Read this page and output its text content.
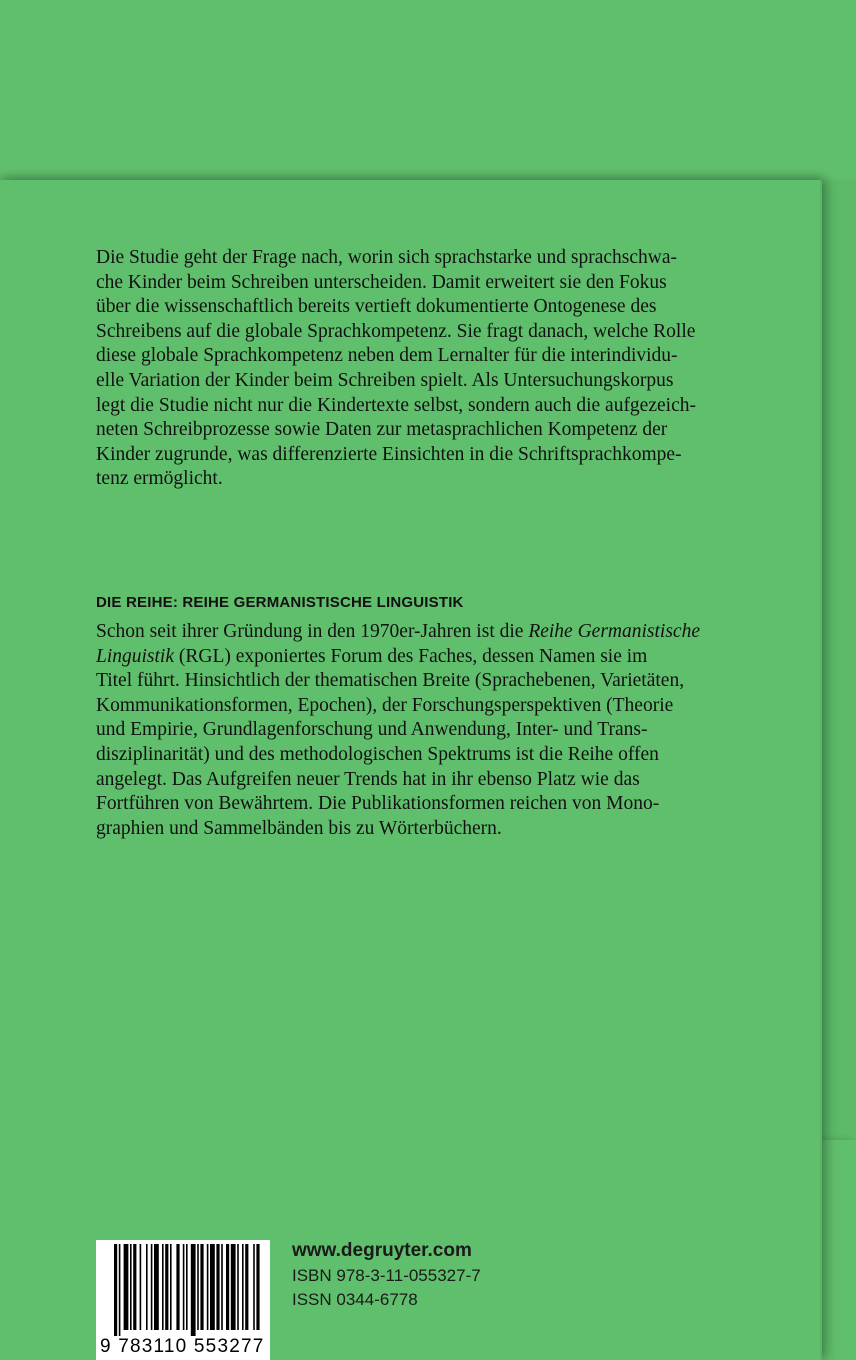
Die Studie geht der Frage nach, worin sich sprachstarke und sprachschwa-
che Kinder beim Schreiben unterscheiden. Damit erweitert sie den Fokus
über die wissenschaftlich bereits vertieft dokumentierte Ontogenese des
Schreibens auf die globale Sprachkompetenz. Sie fragt danach, welche Rolle
diese globale Sprachkompetenz neben dem Lernalter für die interindividu-
elle Variation der Kinder beim Schreiben spielt. Als Untersuchungskorpus
legt die Studie nicht nur die Kindertexte selbst, sondern auch die aufgezeich-
neten Schreibprozesse sowie Daten zur metasprachlichen Kompetenz der
Kinder zugrunde, was differenzierte Einsichten in die Schriftsprachkompe-
tenz ermöglicht.
DIE REIHE: REIHE GERMANISTISCHE LINGUISTIK
Schon seit ihrer Gründung in den 1970er-Jahren ist die Reihe Germanistische
Linguistik (RGL) exponiertes Forum des Faches, dessen Namen sie im
Titel führt. Hinsichtlich der thematischen Breite (Sprachebenen, Varietäten,
Kommunikationsformen, Epochen), der Forschungsperspektiven (Theorie
und Empirie, Grundlagenforschung und Anwendung, Inter- und Trans-
disziplinarität) und des methodologischen Spektrums ist die Reihe offen
angelegt. Das Aufgreifen neuer Trends hat in ihr ebenso Platz wie das
Fortführen von Bewährtem. Die Publikationsformen reichen von Mono-
graphien und Sammelbänden bis zu Wörterbüchern.
9 783110 553277
www.degruyter.com
ISBN 978-3-11-055327-7
ISSN 0344-6778
